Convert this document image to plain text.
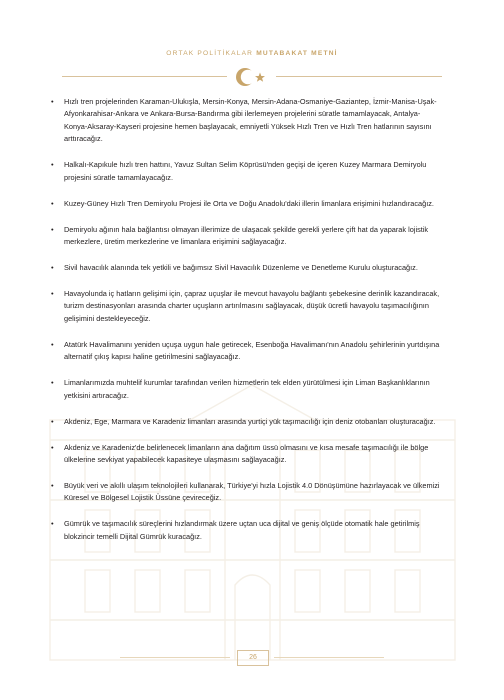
ORTAK POLİTİKALAR MUTABAKAT METNİ
• Hızlı tren projelerinden Karaman-Ulukışla, Mersin-Konya, Mersin-Adana-Osmaniye-Gaziantep, İzmir-Manisa-Uşak-Afyonkarahisar-Ankara ve Ankara-Bursa-Bandırma gibi ilerlemeyen projelerini süratle tamamlayacak, Antalya-Konya-Aksaray-Kayseri projesine hemen başlayacak, emniyetli Yüksek Hızlı Tren ve Hızlı Tren hatlarının sayısını arttıracağız.
• Halkalı-Kapıkule hızlı tren hattını, Yavuz Sultan Selim Köprüsü'nden geçişi de içeren Kuzey Marmara Demiryolu projesini süratle tamamlayacağız.
• Kuzey-Güney Hızlı Tren Demiryolu Projesi ile Orta ve Doğu Anadolu'daki illerin limanlara erişimini hızlandıracağız.
• Demiryolu ağının hala bağlantısı olmayan illerimize de ulaşacak şekilde gerekli yerlere çift hat da yaparak lojistik merkezlere, üretim merkezlerine ve limanlara erişimini sağlayacağız.
• Sivil havacılık alanında tek yetkili ve bağımsız Sivil Havacılık Düzenleme ve Denetleme Kurulu oluşturacağız.
• Havayolunda iç hatların gelişimi için, çapraz uçuşlar ile mevcut havayolu bağlantı şebekesine derinlik kazandıracak, turizm destinasyonları arasında charter uçuşların artırılmasını sağlayacak, düşük ücretli havayolu taşımacılığının gelişimini destekleyeceğiz.
• Atatürk Havalimanını yeniden uçuşa uygun hale getirecek, Esenboğa Havalimanı'nın Anadolu şehirlerinin yurtdışına alternatif çıkış kapısı haline getirilmesini sağlayacağız.
• Limanlarımızda muhtelif kurumlar tarafından verilen hizmetlerin tek elden yürütülmesi için Liman Başkanlıklarının yetkisini artıracağız.
• Akdeniz, Ege, Marmara ve Karadeniz limanları arasında yurtiçi yük taşımacılığı için deniz otobanları oluşturacağız.
• Akdeniz ve Karadeniz'de belirlenecek limanların ana dağıtım üssü olmasını ve kısa mesafe taşımacılığı ile bölge ülkelerine sevkiyat yapabilecek kapasiteye ulaşmasını sağlayacağız.
• Büyük veri ve akıllı ulaşım teknolojileri kullanarak, Türkiye'yi hızla Lojistik 4.0 Dönüşümüne hazırlayacak ve ülkemizi Küresel ve Bölgesel Lojistik Üssüne çevireceğiz.
• Gümrük ve taşımacılık süreçlerini hızlandırmak üzere uçtan uca dijital ve geniş ölçüde otomatik hale getirilmiş blokzincir temelli Dijital Gümrük kuracağız.
26
